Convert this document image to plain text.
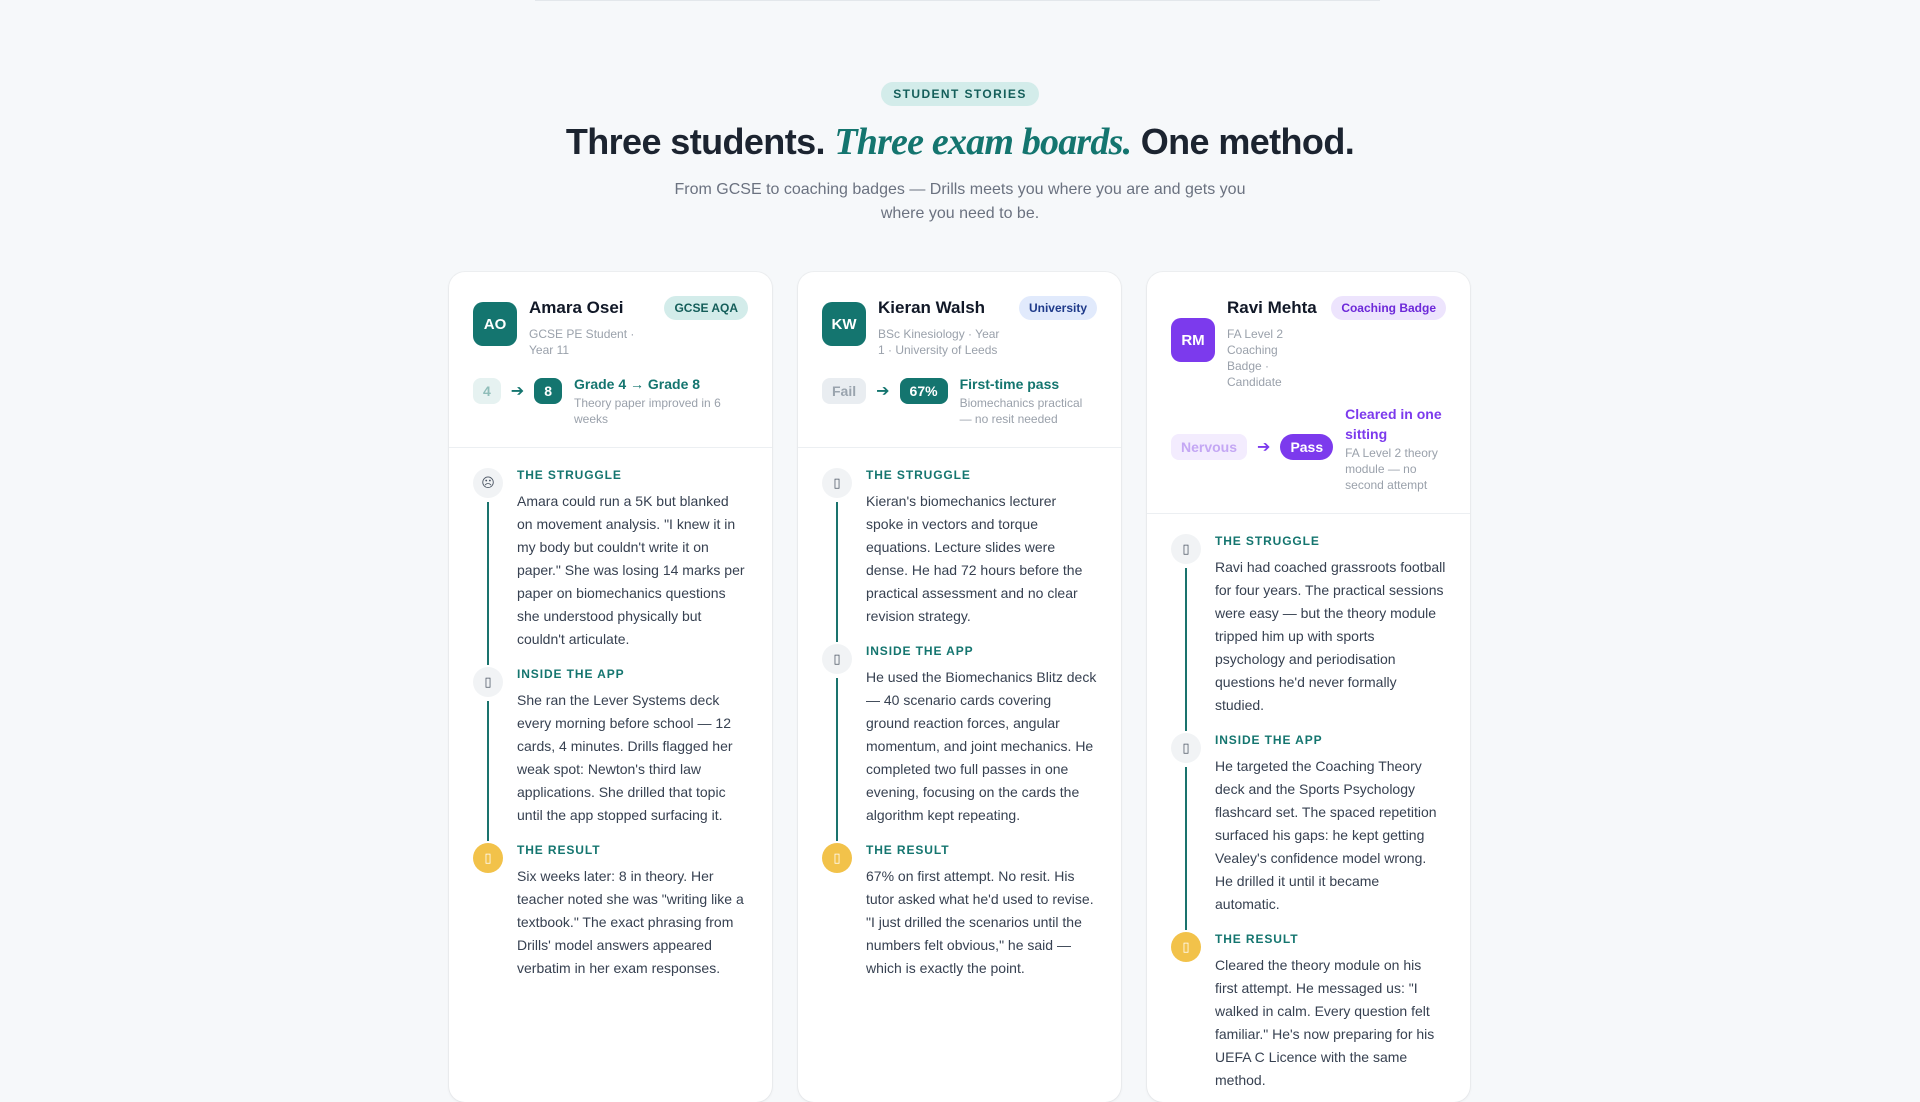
STUDENT STORIES
Three students. Three exam boards. One method.

From GCSE to coaching badges — Drills meets you where you are and gets you where you need to be.

AO
Amara Osei
GCSE PE Student · Year 11
GCSE AQA
4	➔	8	Grade 4 → Grade 8
Theory paper improved in 6 weeks
☹	THE STRUGGLE
Amara could run a 5K but blanked on movement analysis. "I knew it in my body but couldn't write it on paper." She was losing 14 marks per paper on biomechanics questions she understood physically but couldn't articulate.
▯	INSIDE THE APP
She ran the Lever Systems deck every morning before school — 12 cards, 4 minutes. Drills flagged her weak spot: Newton's third law applications. She drilled that topic until the app stopped surfacing it.
▯	THE RESULT
Six weeks later: 8 in theory. Her teacher noted she was "writing like a textbook." The exact phrasing from Drills' model answers appeared verbatim in her exam responses.
KW
Kieran Walsh
BSc Kinesiology · Year 1 · University of Leeds
University
Fail	➔	67%	First-time pass
Biomechanics practical — no resit needed
▯	THE STRUGGLE
Kieran's biomechanics lecturer spoke in vectors and torque equations. Lecture slides were dense. He had 72 hours before the practical assessment and no clear revision strategy.
▯	INSIDE THE APP
He used the Biomechanics Blitz deck — 40 scenario cards covering ground reaction forces, angular momentum, and joint mechanics. He completed two full passes in one evening, focusing on the cards the algorithm kept repeating.
▯	THE RESULT
67% on first attempt. No resit. His tutor asked what he'd used to revise. "I just drilled the scenarios until the numbers felt obvious," he said — which is exactly the point.
RM
Ravi Mehta
FA Level 2 Coaching Badge · Candidate
Coaching Badge
Nervous	➔	Pass
Cleared in one sitting
FA Level 2 theory module — no second attempt
▯	THE STRUGGLE
Ravi had coached grassroots football for four years. The practical sessions were easy — but the theory module tripped him up with sports psychology and periodisation questions he'd never formally studied.
▯	INSIDE THE APP
He targeted the Coaching Theory deck and the Sports Psychology flashcard set. The spaced repetition surfaced his gaps: he kept getting Vealey's confidence model wrong. He drilled it until it became automatic.
▯	THE RESULT
Cleared the theory module on his first attempt. He messaged us: "I walked in calm. Every question felt familiar." He's now preparing for his UEFA C Licence with the same method.
